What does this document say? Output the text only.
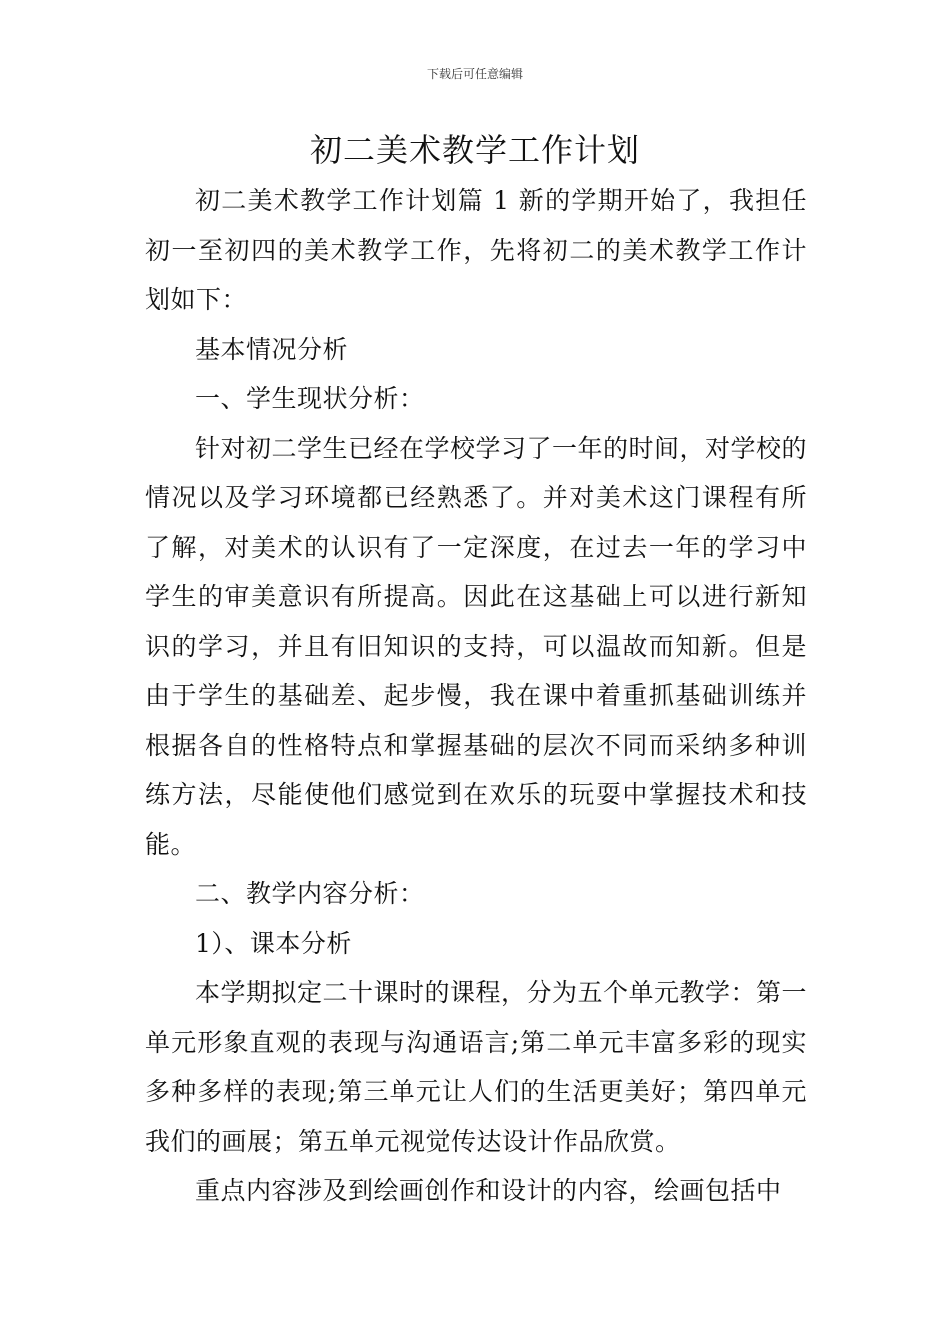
下载后可任意编辑
初二美术教学工作计划

初二美术教学工作计划篇 1 新的学期开始了，我担任初一至初四的美术教学工作，先将初二的美术教学工作计划如下：

基本情况分析

一、学生现状分析：

针对初二学生已经在学校学习了一年的时间，对学校的情况以及学习环境都已经熟悉了。并对美术这门课程有所了解，对美术的认识有了一定深度，在过去一年的学习中学生的审美意识有所提高。因此在这基础上可以进行新知识的学习，并且有旧知识的支持，可以温故而知新。但是由于学生的基础差、起步慢，我在课中着重抓基础训练并根据各自的性格特点和掌握基础的层次不同而采纳多种训练方法，尽能使他们感觉到在欢乐的玩耍中掌握技术和技能。

二、教学内容分析：

1）、课本分析

本学期拟定二十课时的课程，分为五个单元教学：第一单元形象直观的表现与沟通语言;第二单元丰富多彩的现实多种多样的表现;第三单元让人们的生活更美好；第四单元我们的画展；第五单元视觉传达设计作品欣赏。

重点内容涉及到绘画创作和设计的内容，绘画包括中
